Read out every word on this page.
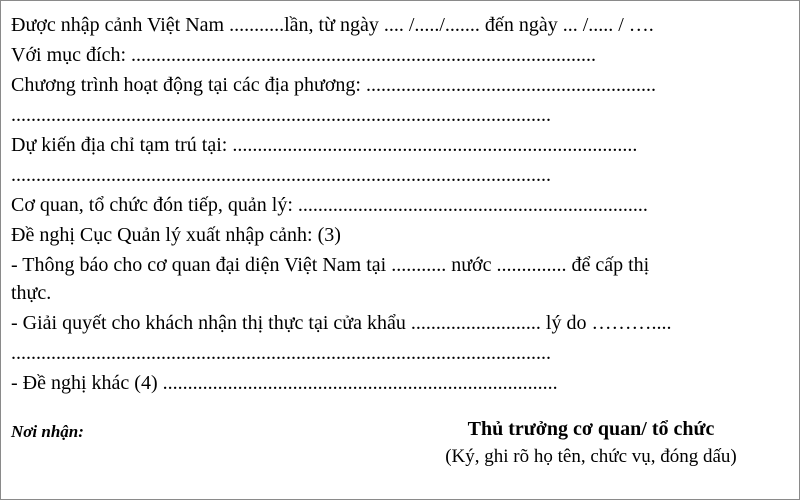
Được nhập cảnh Việt Nam ...........lần, từ ngày .... /...../....... đến ngày ... /..... / ….
Với mục đích: .............................................................................................
Chương trình hoạt động tại các địa phương: ..........................................................
............................................................................................................
Dự kiến địa chỉ tạm trú tại: .................................................................................
............................................................................................................
Cơ quan, tổ chức đón tiếp, quản lý: ......................................................................
Đề nghị Cục Quản lý xuất nhập cảnh: (3)
- Thông báo cho cơ quan đại diện Việt Nam tại ........... nước .............. để cấp thị
thực.
- Giải quyết cho khách nhận thị thực tại cửa khẩu .......................... lý do ………....
............................................................................................................
- Đề nghị khác (4) ...............................................................................
Nơi nhận:	Thủ trưởng cơ quan/ tổ chức
(Ký, ghi rõ họ tên, chức vụ, đóng dấu)
